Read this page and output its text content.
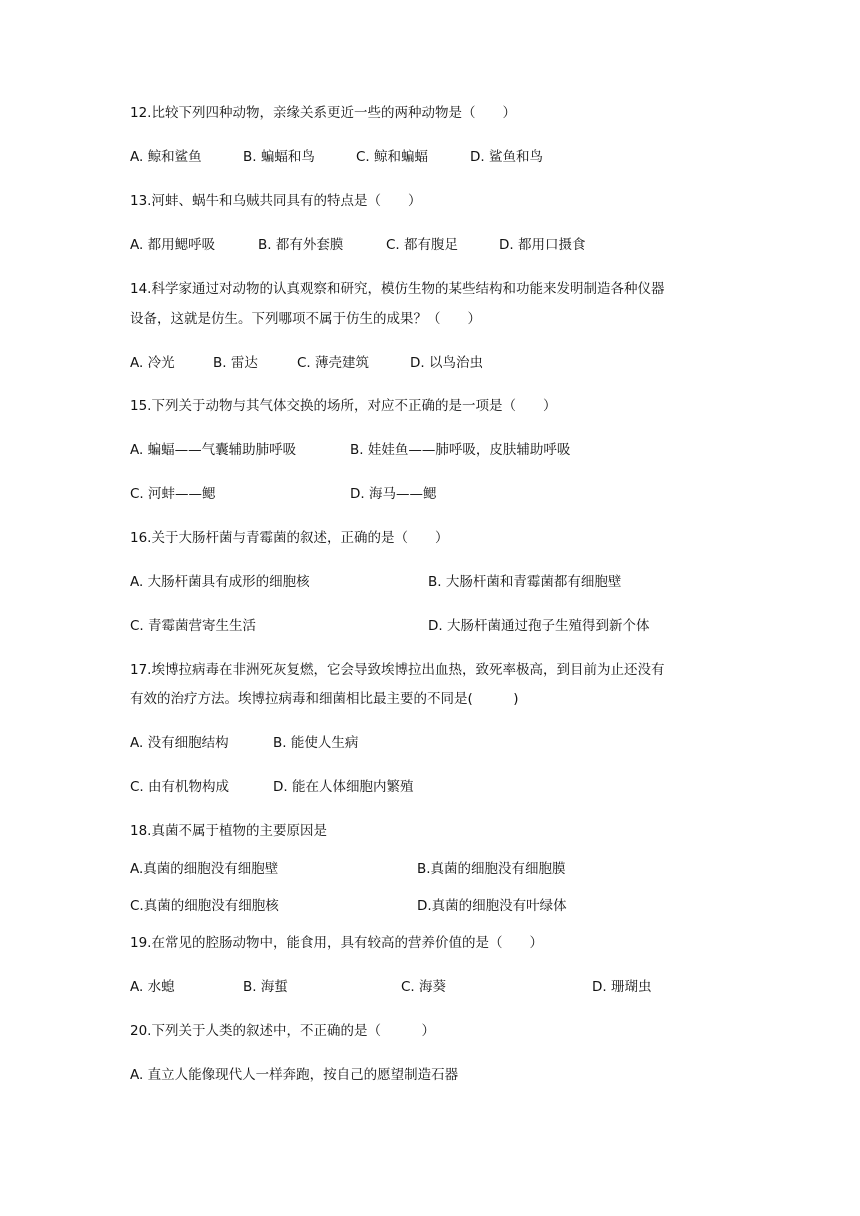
12.比较下列四种动物，亲缘关系更近一些的两种动物是（　　）
A. 鲸和鲨鱼	B. 蝙蝠和鸟	C. 鲸和蝙蝠	D. 鲨鱼和鸟
13.河蚌、蜗牛和乌贼共同具有的特点是（　　）
A. 都用鳃呼吸	B. 都有外套膜	C. 都有腹足	D. 都用口摄食
14.科学家通过对动物的认真观察和研究，模仿生物的某些结构和功能来发明制造各种仪器
设备，这就是仿生。下列哪项不属于仿生的成果？（　　）
A. 冷光	B. 雷达	C. 薄壳建筑	D. 以鸟治虫
15.下列关于动物与其气体交换的场所，对应不正确的是一项是（　　）
A. 蝙蝠——气囊辅助肺呼吸	B. 娃娃鱼——肺呼吸，皮肤辅助呼吸
C. 河蚌——鳃	D. 海马——鳃
16.关于大肠杆菌与青霉菌的叙述，正确的是（　　）
A. 大肠杆菌具有成形的细胞核	B. 大肠杆菌和青霉菌都有细胞壁
C. 青霉菌营寄生生活	D. 大肠杆菌通过孢子生殖得到新个体
17.埃博拉病毒在非洲死灰复燃，它会导致埃博拉出血热，致死率极高，到目前为止还没有
有效的治疗方法。埃博拉病毒和细菌相比最主要的不同是(　　　)
A. 没有细胞结构	B. 能使人生病
C. 由有机物构成	D. 能在人体细胞内繁殖
18.真菌不属于植物的主要原因是
A.真菌的细胞没有细胞壁	B.真菌的细胞没有细胞膜
C.真菌的细胞没有细胞核	D.真菌的细胞没有叶绿体
19.在常见的腔肠动物中，能食用，具有较高的营养价值的是（　　）
A. 水螅	B. 海蜇	C. 海葵	D. 珊瑚虫
20.下列关于人类的叙述中，不正确的是（　　　）
A. 直立人能像现代人一样奔跑，按自己的愿望制造石器
